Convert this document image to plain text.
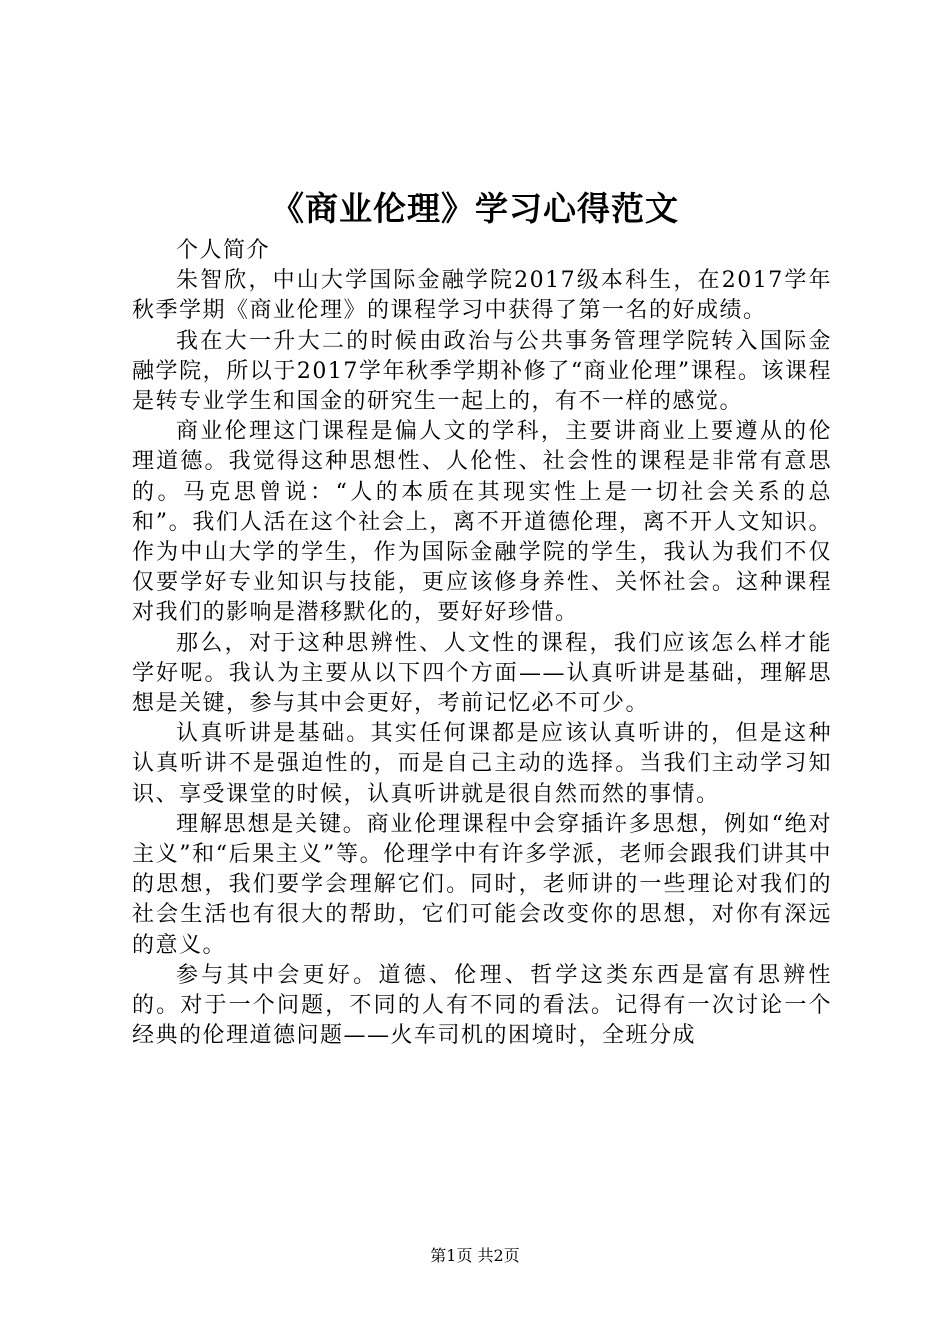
《商业伦理》学习心得范文

个人简介

朱智欣，中山大学国际金融学院2017级本科生，在2017学年秋季学期《商业伦理》的课程学习中获得了第一名的好成绩。

我在大一升大二的时候由政治与公共事务管理学院转入国际金融学院，所以于2017学年秋季学期补修了“商业伦理”课程。该课程是转专业学生和国金的研究生一起上的，有不一样的感觉。

商业伦理这门课程是偏人文的学科，主要讲商业上要遵从的伦理道德。我觉得这种思想性、人伦性、社会性的课程是非常有意思的。马克思曾说：“人的本质在其现实性上是一切社会关系的总和”。我们人活在这个社会上，离不开道德伦理，离不开人文知识。作为中山大学的学生，作为国际金融学院的学生，我认为我们不仅仅要学好专业知识与技能，更应该修身养性、关怀社会。这种课程对我们的影响是潜移默化的，要好好珍惜。

那么，对于这种思辨性、人文性的课程，我们应该怎么样才能学好呢。我认为主要从以下四个方面——认真听讲是基础，理解思想是关键，参与其中会更好，考前记忆必不可少。

认真听讲是基础。其实任何课都是应该认真听讲的，但是这种认真听讲不是强迫性的，而是自己主动的选择。当我们主动学习知识、享受课堂的时候，认真听讲就是很自然而然的事情。

理解思想是关键。商业伦理课程中会穿插许多思想，例如“绝对主义”和“后果主义”等。伦理学中有许多学派，老师会跟我们讲其中的思想，我们要学会理解它们。同时，老师讲的一些理论对我们的社会生活也有很大的帮助，它们可能会改变你的思想，对你有深远的意义。

参与其中会更好。道德、伦理、哲学这类东西是富有思辨性的。对于一个问题，不同的人有不同的看法。记得有一次讨论一个经典的伦理道德问题——火车司机的困境时，全班分成

第1页 共2页
